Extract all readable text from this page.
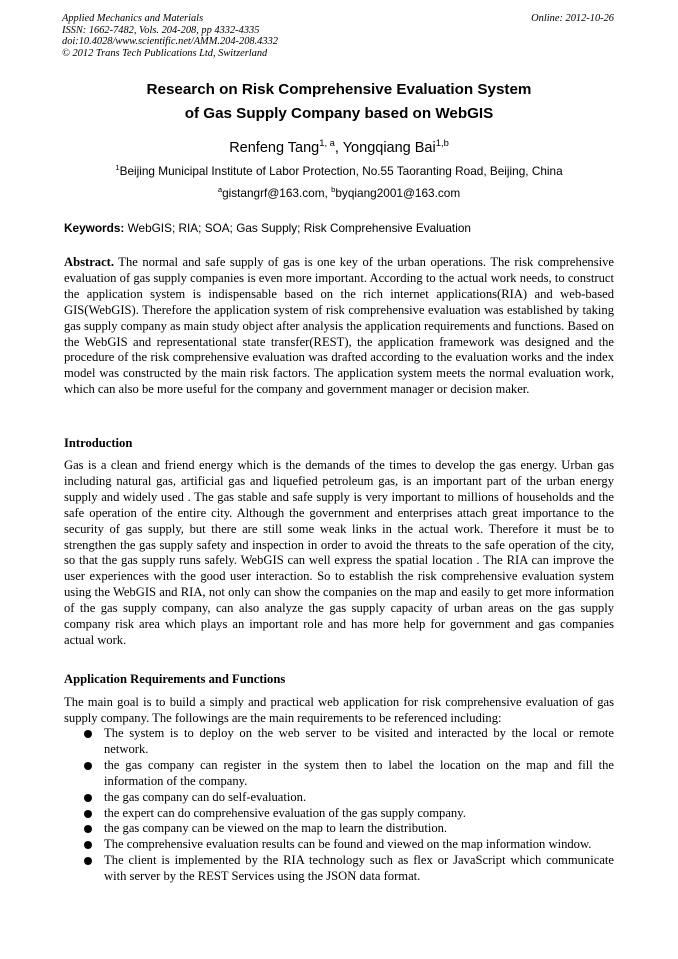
Applied Mechanics and Materials
ISSN: 1662-7482, Vols. 204-208, pp 4332-4335
doi:10.4028/www.scientific.net/AMM.204-208.4332
© 2012 Trans Tech Publications Ltd, Switzerland
Online: 2012-10-26
Research on Risk Comprehensive Evaluation System
of Gas Supply Company based on WebGIS
Renfeng Tang$^{1, a}$, Yongqiang Bai$^{1,b}$
$^1$Beijing Municipal Institute of Labor Protection, No.55 Taoranting Road, Beijing, China
$^a$gistangrf@163.com, $^b$byqiang2001@163.com
Keywords: WebGIS; RIA; SOA; Gas Supply; Risk Comprehensive Evaluation
Abstract. The normal and safe supply of gas is one key of the urban operations. The risk comprehensive evaluation of gas supply companies is even more important. According to the actual work needs, to construct the application system is indispensable based on the rich internet applications(RIA) and web-based GIS(WebGIS). Therefore the application system of risk comprehensive evaluation was established by taking gas supply company as main study object after analysis the application requirements and functions. Based on the WebGIS and representational state transfer(REST), the application framework was designed and the procedure of the risk comprehensive evaluation was drafted according to the evaluation works and the index model was constructed by the main risk factors. The application system meets the normal evaluation work, which can also be more useful for the company and government manager or decision maker.
Introduction
Gas is a clean and friend energy which is the demands of the times to develop the gas energy. Urban gas including natural gas, artificial gas and liquefied petroleum gas, is an important part of the urban energy supply and widely used . The gas stable and safe supply is very important to millions of households and the safe operation of the entire city. Although the government and enterprises attach great importance to the security of gas supply, but there are still some weak links in the actual work. Therefore it must be to strengthen the gas supply safety and inspection in order to avoid the threats to the safe operation of the city, so that the gas supply runs safely. WebGIS can well express the spatial location . The RIA can improve the user experiences with the good user interaction. So to establish the risk comprehensive evaluation system using the WebGIS and RIA, not only can show the companies on the map and easily to get more information of the gas supply company, can also analyze the gas supply capacity of urban areas on the gas supply company risk area which plays an important role and has more help for government and gas companies actual work.
Application Requirements and Functions
The main goal is to build a simply and practical web application for risk comprehensive evaluation of gas supply company. The followings are the main requirements to be referenced including:
The system is to deploy on the web server to be visited and interacted by the local or remote network.
the gas company can register in the system then to label the location on the map and fill the information of the company.
the gas company can do self-evaluation.
the expert can do comprehensive evaluation of the gas supply company.
the gas company can be viewed on the map to learn the distribution.
The comprehensive evaluation results can be found and viewed on the map information window.
The client is implemented by the RIA technology such as flex or JavaScript which communicate with server by the REST Services using the JSON data format.
